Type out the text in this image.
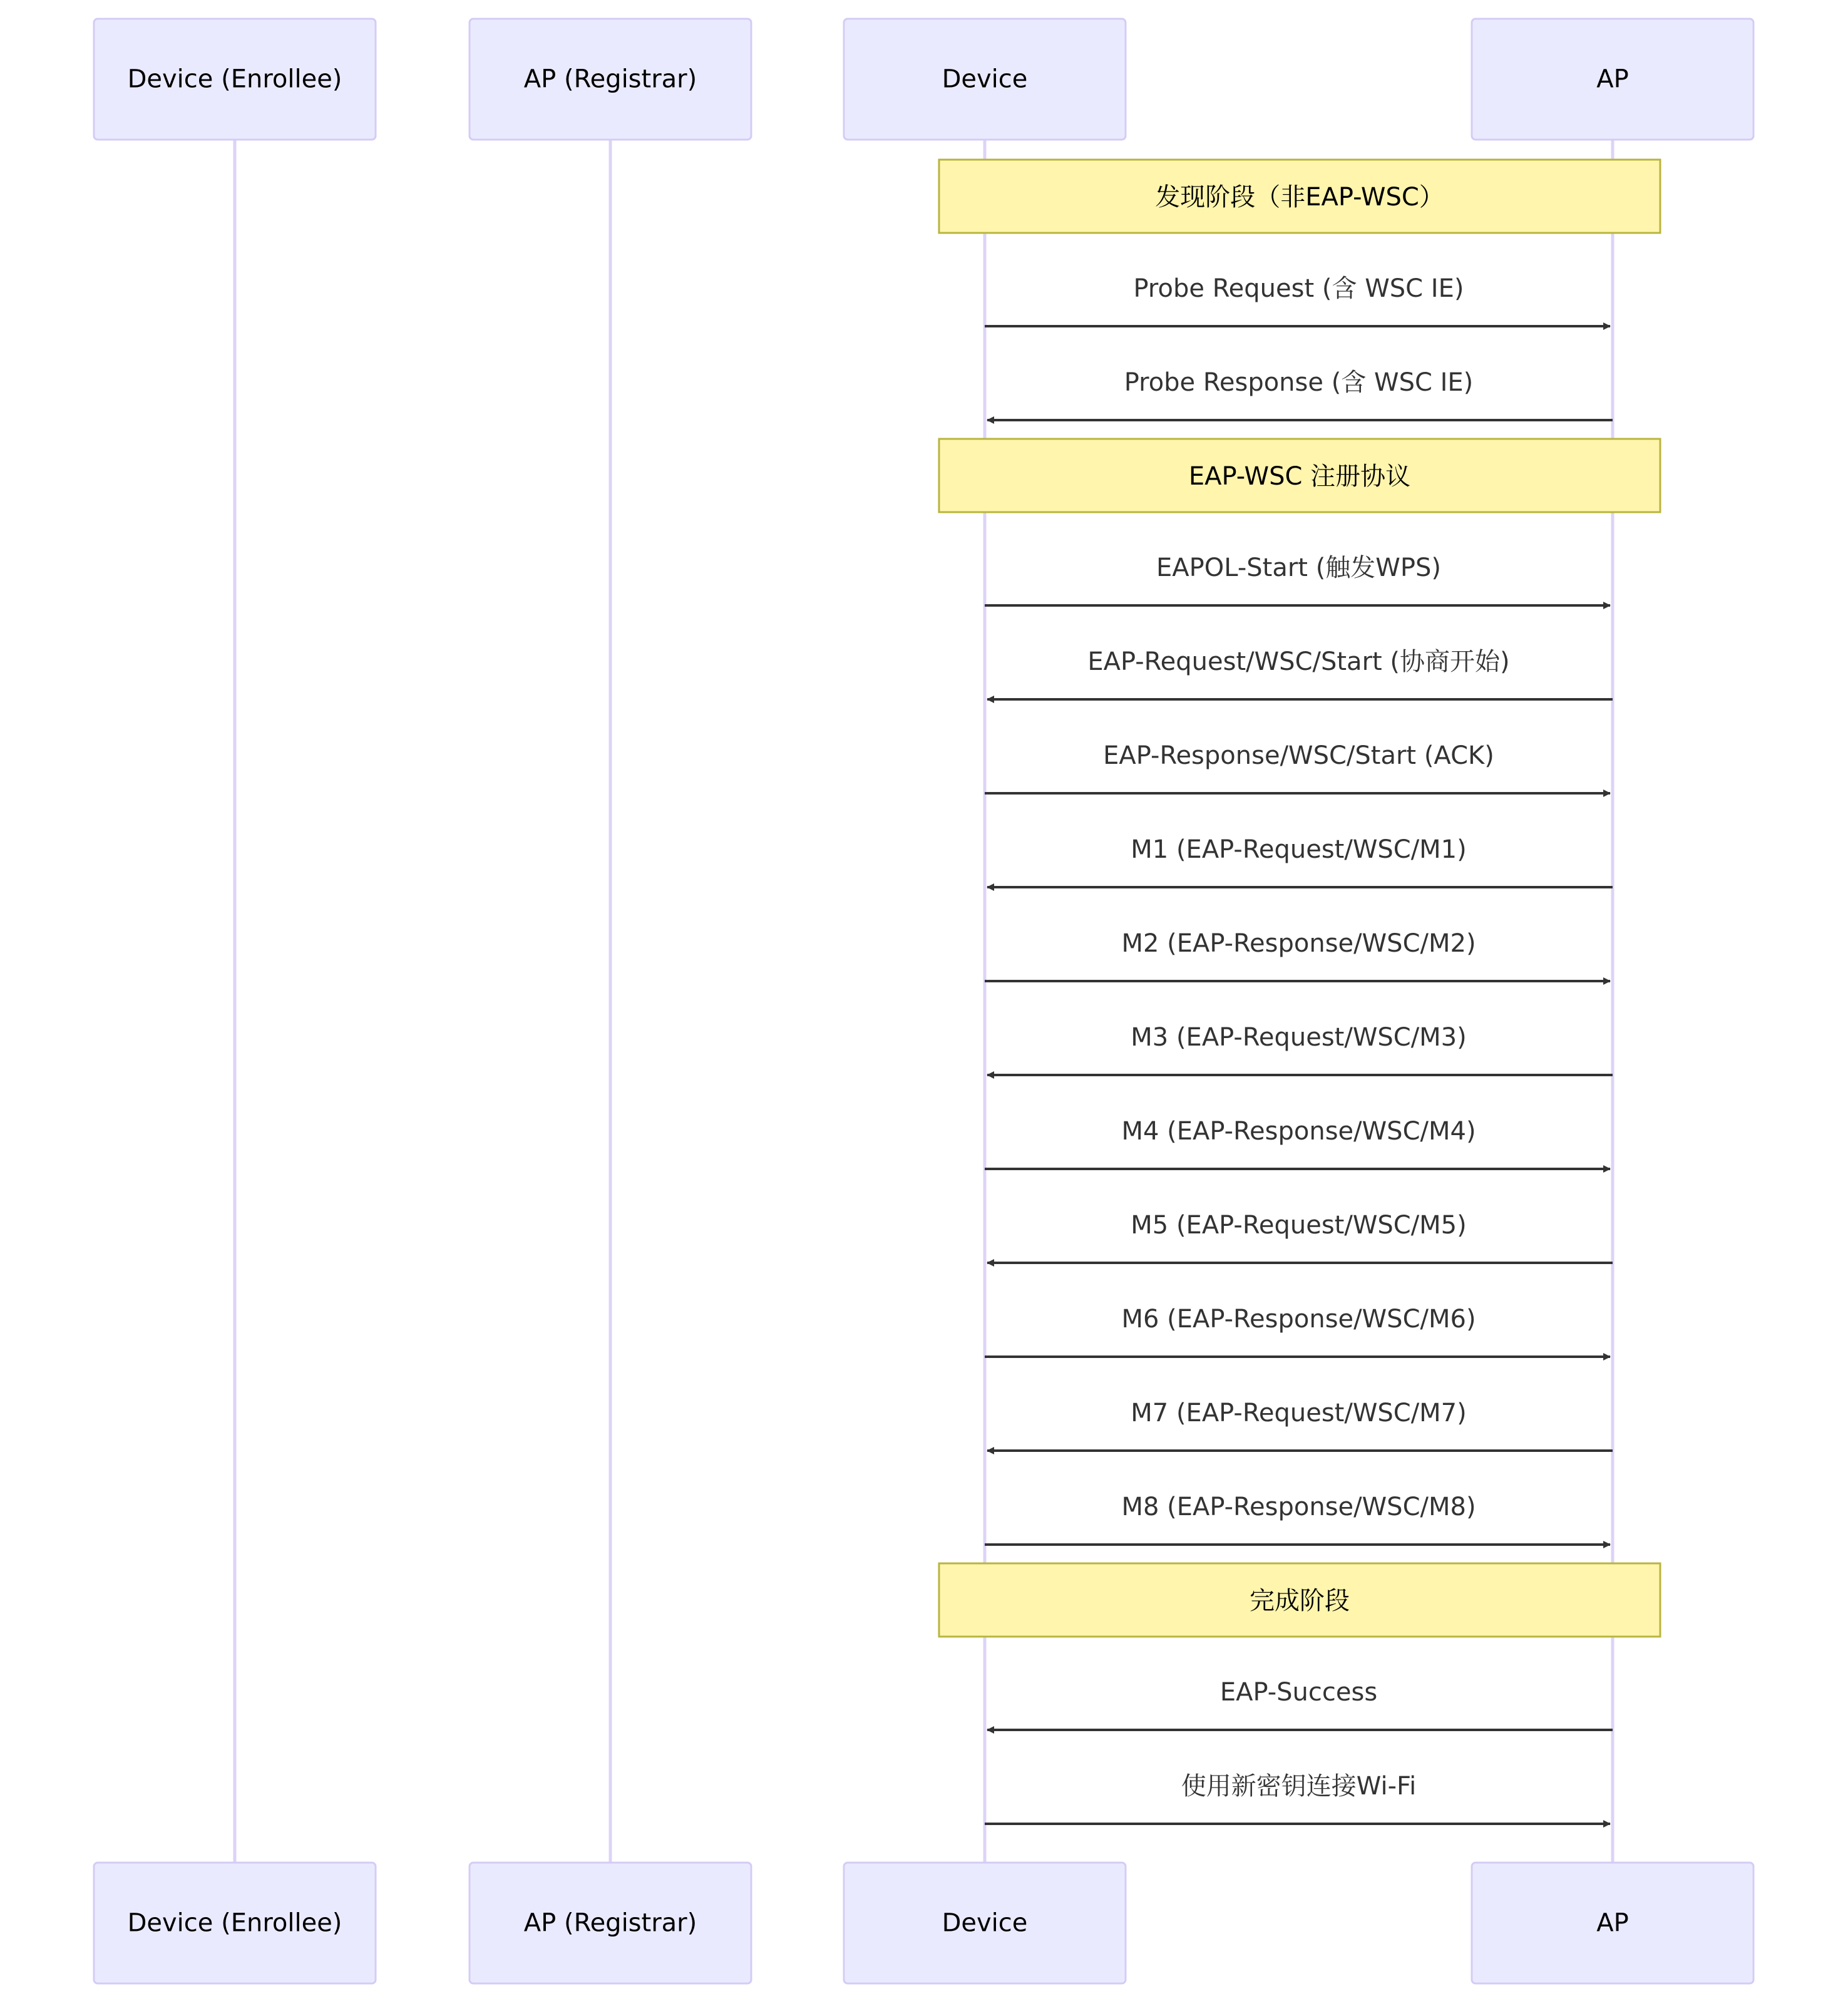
Device (Enrollee)	AP (Registrar)	Device	AP
Device (Enrollee)	AP (Registrar)	Device	AP
发现阶段（非EAP-WSC）
Probe Request (含 WSC IE)
Probe Response (含 WSC IE)
EAP-WSC 注册协议
EAPOL-Start (触发WPS)
EAP-Request/WSC/Start (协商开始)
EAP-Response/WSC/Start (ACK)
M1 (EAP-Request/WSC/M1)
M2 (EAP-Response/WSC/M2)
M3 (EAP-Request/WSC/M3)
M4 (EAP-Response/WSC/M4)
M5 (EAP-Request/WSC/M5)
M6 (EAP-Response/WSC/M6)
M7 (EAP-Request/WSC/M7)
M8 (EAP-Response/WSC/M8)
完成阶段
EAP-Success
使用新密钥连接Wi-Fi
